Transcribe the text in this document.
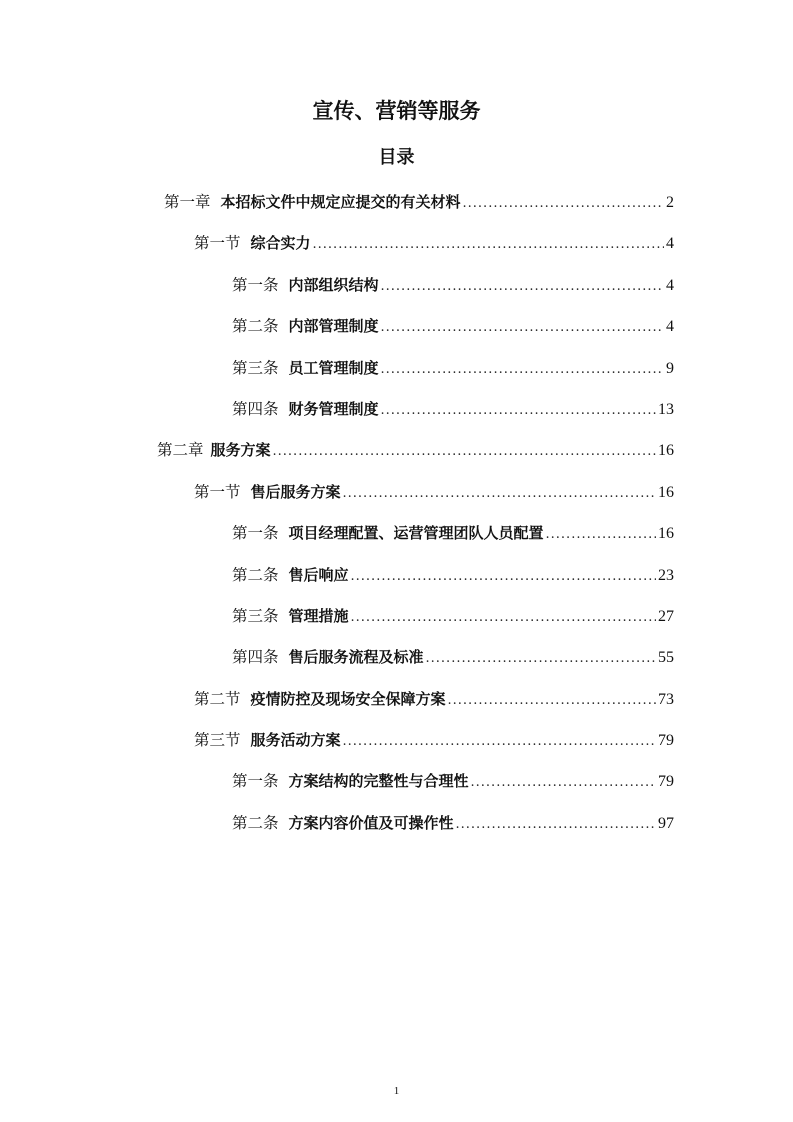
宣传、营销等服务
目录
第一章 本招标文件中规定应提交的有关材料 .....	2
第一节 综合实力 .....	4
第一条 内部组织结构 .....	4
第二条 内部管理制度 .....	4
第三条 员工管理制度 .....	9
第四条 财务管理制度 .....	13
第二章 服务方案 .....	16
第一节 售后服务方案 .....	16
第一条 项目经理配置、运营管理团队人员配置 .....	16
第二条 售后响应 .....	23
第三条 管理措施 .....	27
第四条 售后服务流程及标准 .....	55
第二节 疫情防控及现场安全保障方案 .....	73
第三节 服务活动方案 .....	79
第一条 方案结构的完整性与合理性 .....	79
第二条 方案内容价值及可操作性 .....	97
1
